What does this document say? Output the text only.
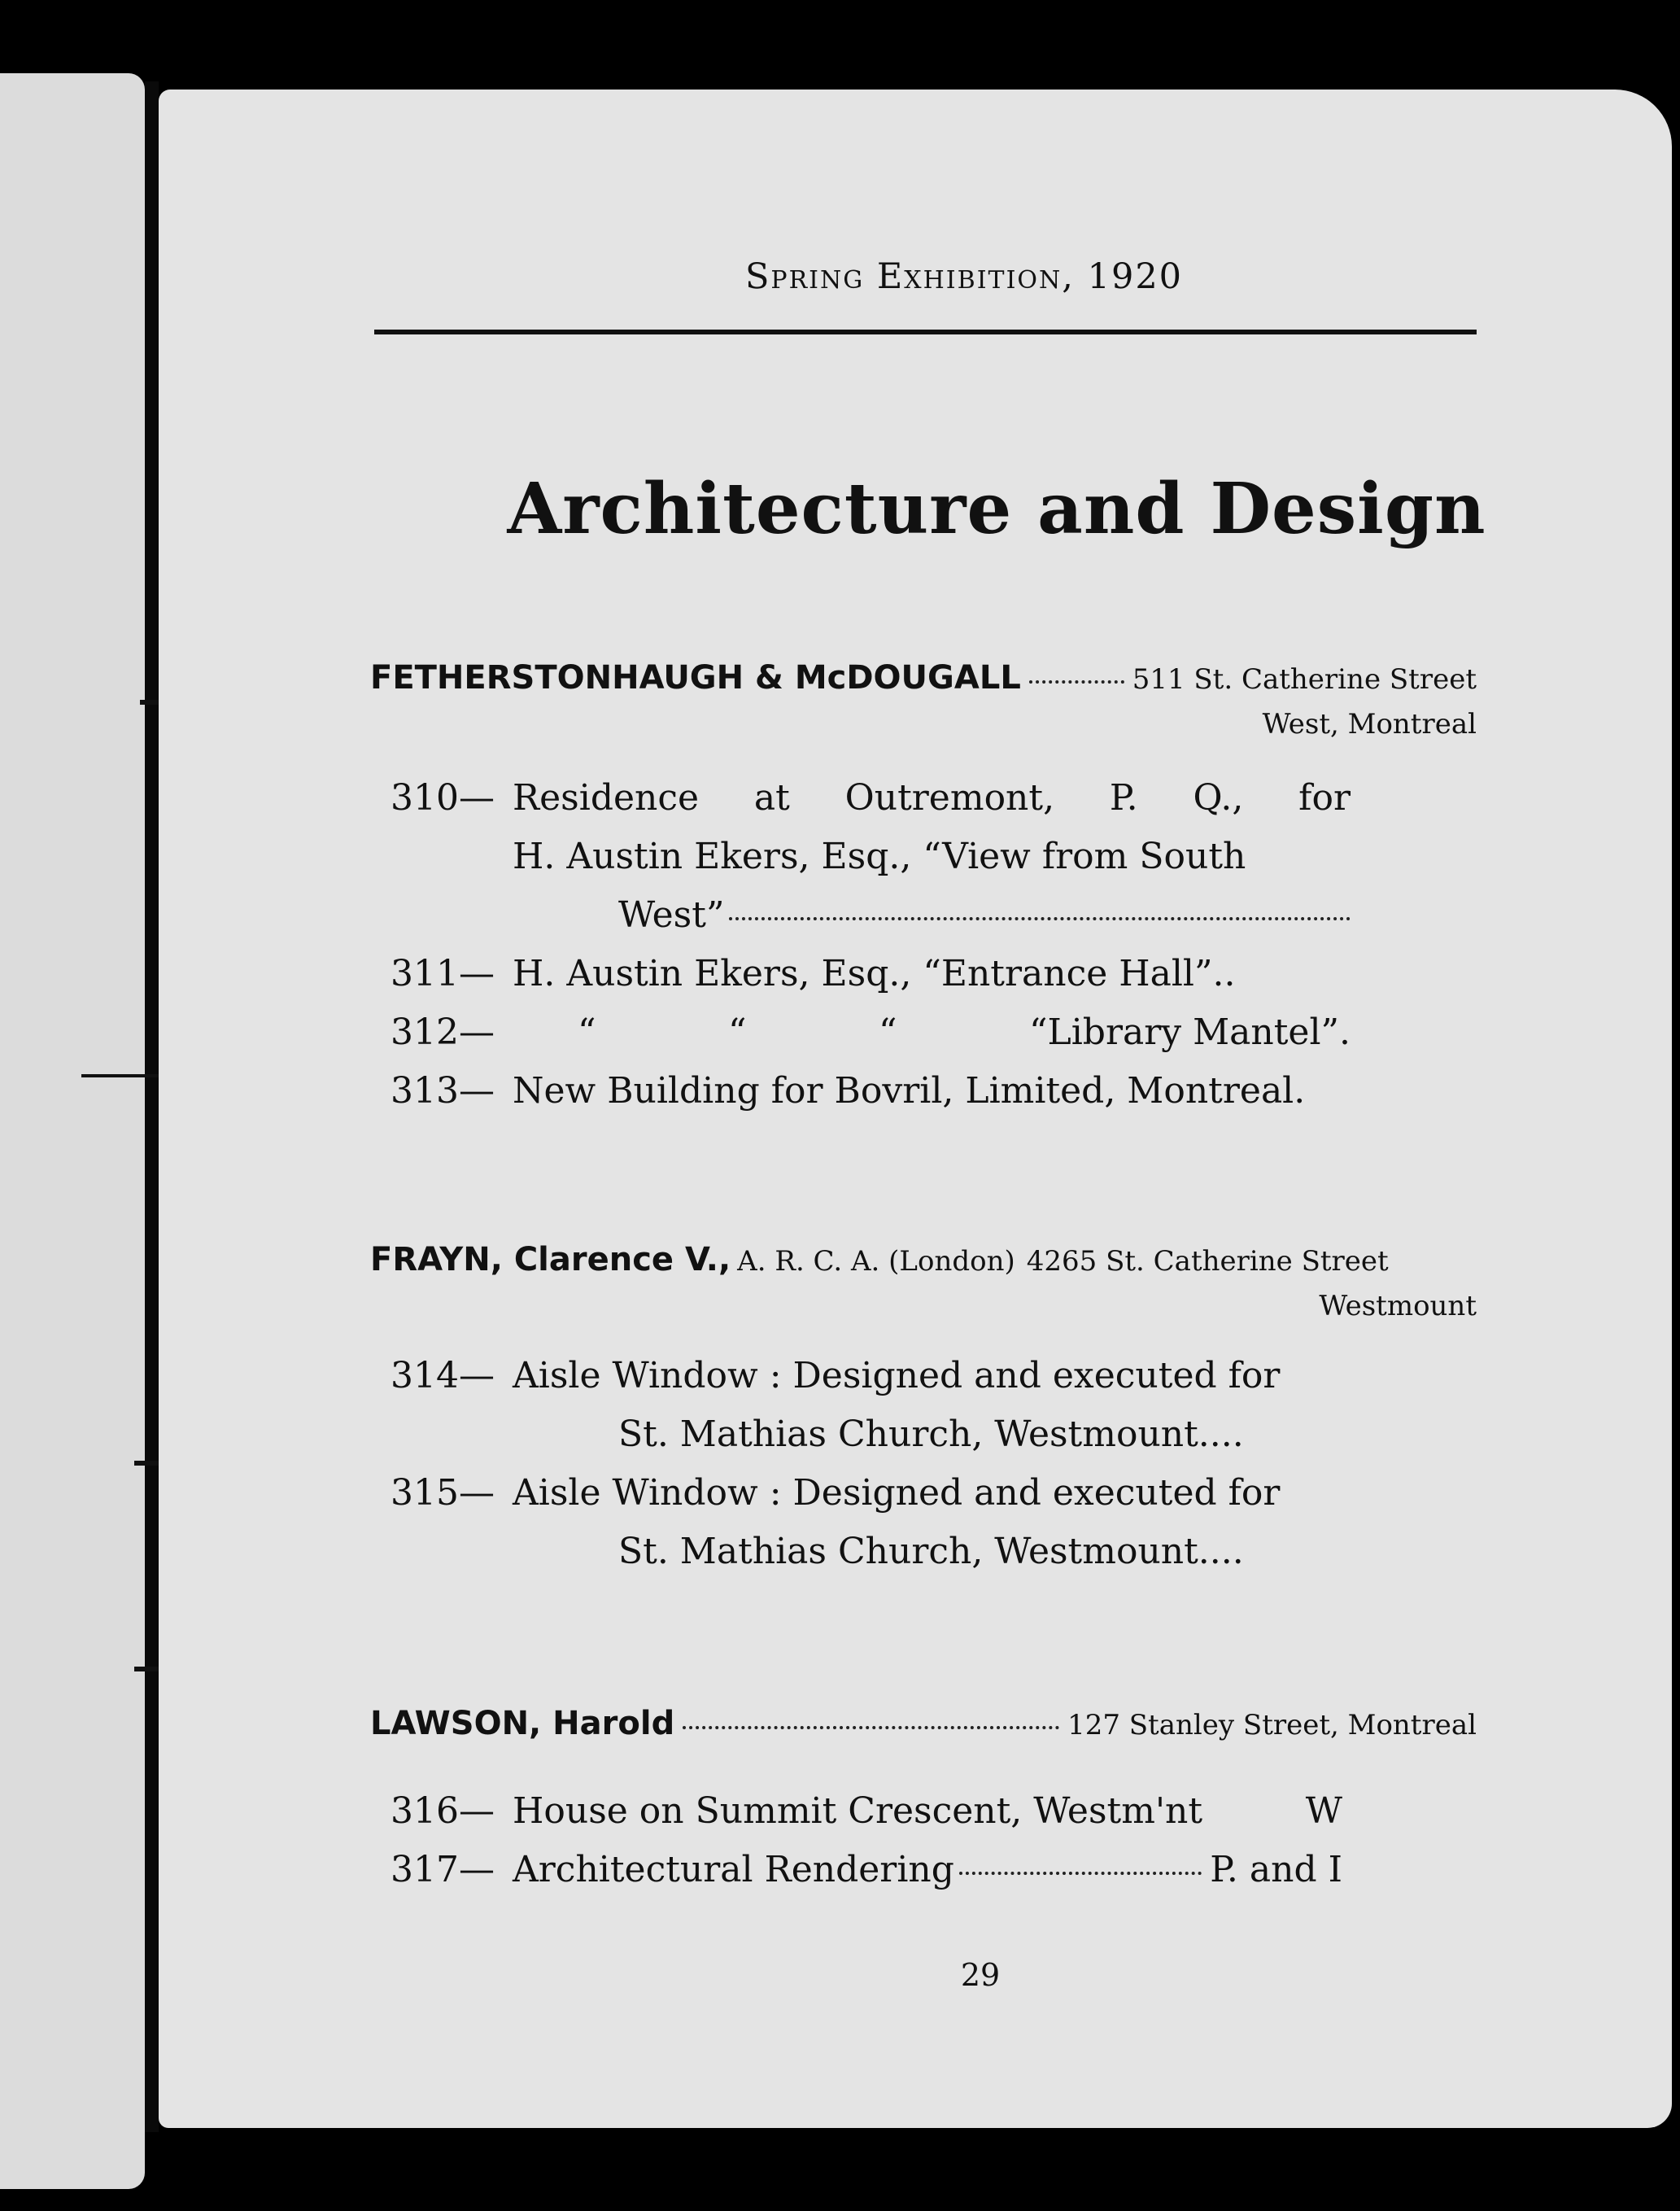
Spring Exhibition, 1920
Architecture and Design
FETHERSTONHAUGH & McDOUGALL	511 St. Catherine Street
West, Montreal
310— Residence at Outremont, P. Q., for
H. Austin Ekers, Esq., “View from South
West”
311— H. Austin Ekers, Esq., “Entrance Hall”..
312—	“	“	“	“Library Mantel”.
313— New Building for Bovril, Limited, Montreal.
FRAYN, Clarence V., A. R. C. A. (London) 4265 St. Catherine Street
Westmount
314— Aisle Window : Designed and executed for
St. Mathias Church, Westmount....
315— Aisle Window : Designed and executed for
St. Mathias Church, Westmount....
LAWSON, Harold	127 Stanley Street, Montreal
316— House on Summit Crescent, Westm'nt	W
317— Architectural Rendering	P. and I
29
